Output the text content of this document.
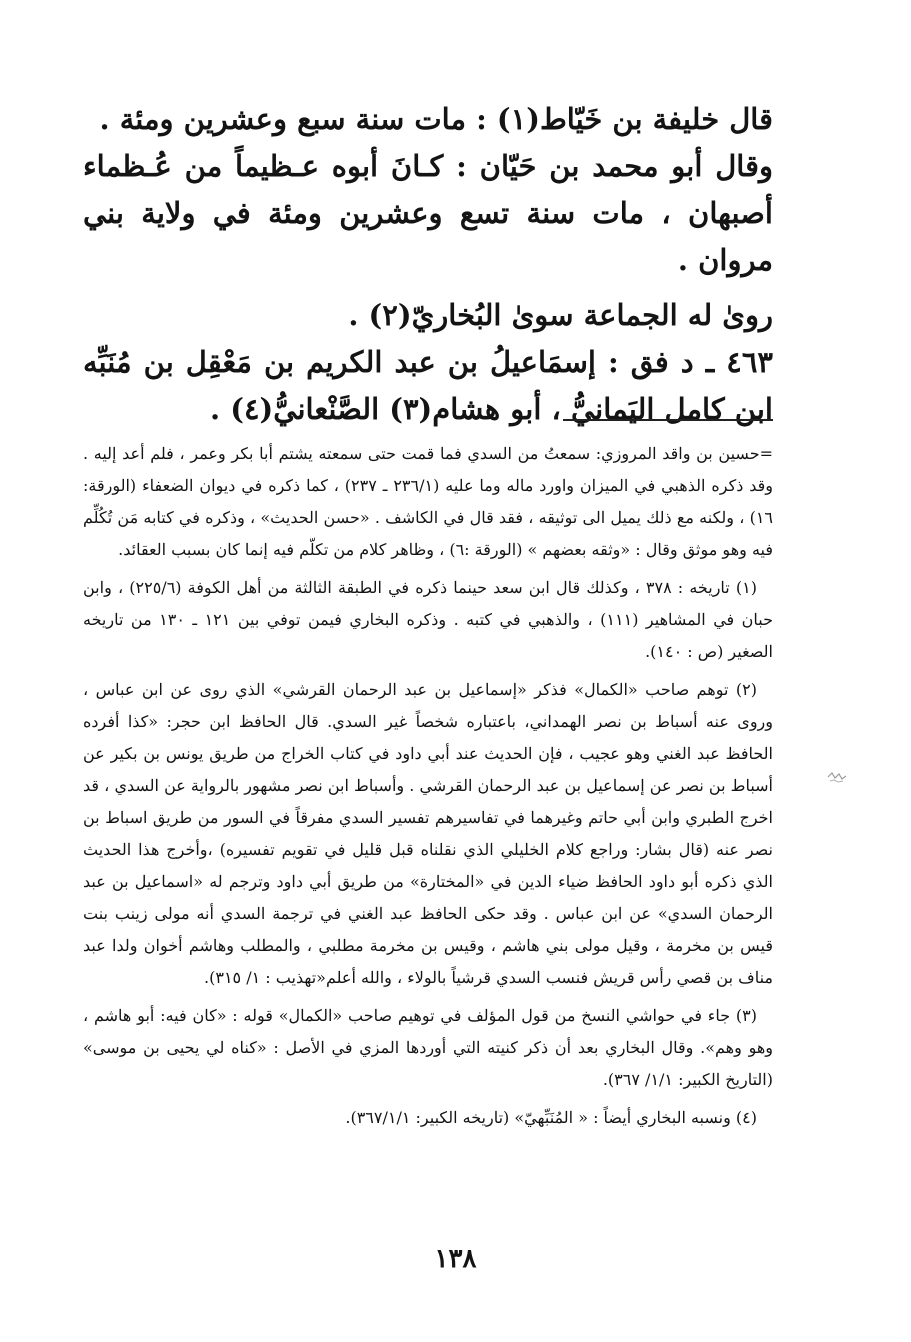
قال خليفة بن خَيّاط(١) : مات سنة سبع وعشرين ومئة .

وقال أبو محمد بن حَيّان : كـانَ أبوه عـظيماً من عُـظماء أصبهان ، مات سنة تسع وعشرين ومئة في ولاية بني مروان .

رویٰ له الجماعة سویٰ البُخاريّ(٢) .

٤٦٣ ـ د فق : إسمَاعيلُ بن عبد الكريم بن مَعْقِل بن مُنَبِّه ابن كامل اليَمانيُّ ، أبو هشام(٣) الصَّنْعانيُّ(٤) .

=حسين بن واقد المروزي: سمعتُ من السدي فما قمت حتى سمعته يشتم أبا بكر وعمر ، فلم أعد إليه . وقد ذكره الذهبي في الميزان واورد ماله وما عليه (٢٣٦/١ ـ ٢٣٧) ، كما ذكره في ديوان الضعفاء (الورقة: ١٦) ، ولكنه مع ذلك يميل الى توثيقه ، فقد قال في الكاشف . «حسن الحديث» ، وذكره في كتابه مَن تُكُلِّم فيه وهو موثق وقال : «وثقه بعضهم » (الورقة :٦) ، وظاهر كلام من تكلّم فيه إنما كان بسبب العقائد.

(١) تاريخه : ٣٧٨ ، وكذلك قال ابن سعد حينما ذكره في الطبقة الثالثة من أهل الكوفة (٢٢٥/٦) ، وابن حبان في المشاهير (١١١) ، والذهبي في كتبه . وذكره البخاري فيمن توفي بين ١٢١ ـ ١٣٠ من تاريخه الصغير (ص : ١٤٠).

(٢) توهم صاحب «الكمال» فذكر «إسماعيل بن عبد الرحمان القرشي» الذي روى عن ابن عباس ، وروى عنه أسباط بن نصر الهمداني، باعتباره شخصاً غير السدي. قال الحافظ ابن حجر: «كذا أفرده الحافظ عبد الغني وهو عجيب ، فإن الحديث عند أبي داود في كتاب الخراج من طريق يونس بن بكير عن أسباط بن نصر عن إسماعيل بن عبد الرحمان القرشي . وأسباط ابن نصر مشهور بالرواية عن السدي ، قد اخرج الطبري وابن أبي حاتم وغيرهما في تفاسيرهم تفسير السدي مفرقاً في السور من طريق اسباط بن نصر عنه (قال بشار: وراجع كلام الخليلي الذي نقلناه قبل قليل في تقويم تفسيره) ،وأخرج هذا الحديث الذي ذكره أبو داود الحافظ ضياء الدين في «المختارة» من طريق أبي داود وترجم له «اسماعيل بن عبد الرحمان السدي» عن ابن عباس . وقد حكى الحافظ عبد الغني في ترجمة السدي أنه مولى زينب بنت قيس بن مخرمة ، وقيل مولى بني هاشم ، وقيس بن مخرمة مطلبي ، والمطلب وهاشم أخوان ولدا عبد مناف بن قصي رأس قريش فنسب السدي قرشياً بالولاء ، والله أعلم«تهذيب : ١/ ٣١٥).

(٣) جاء في حواشي النسخ من قول المؤلف في توهيم صاحب «الكمال» قوله : «كان فيه: أبو هاشم ، وهو وهم». وقال البخاري بعد أن ذكر كنيته التي أوردها المزي في الأصل : «كناه لي يحيى بن موسى» (التاريخ الكبير: ١/١/ ٣٦٧).

(٤) ونسبه البخاري أيضاً : « المُنَبِّهيّ» (تاريخه الكبير: ٣٦٧/١/١).

١٣٨
